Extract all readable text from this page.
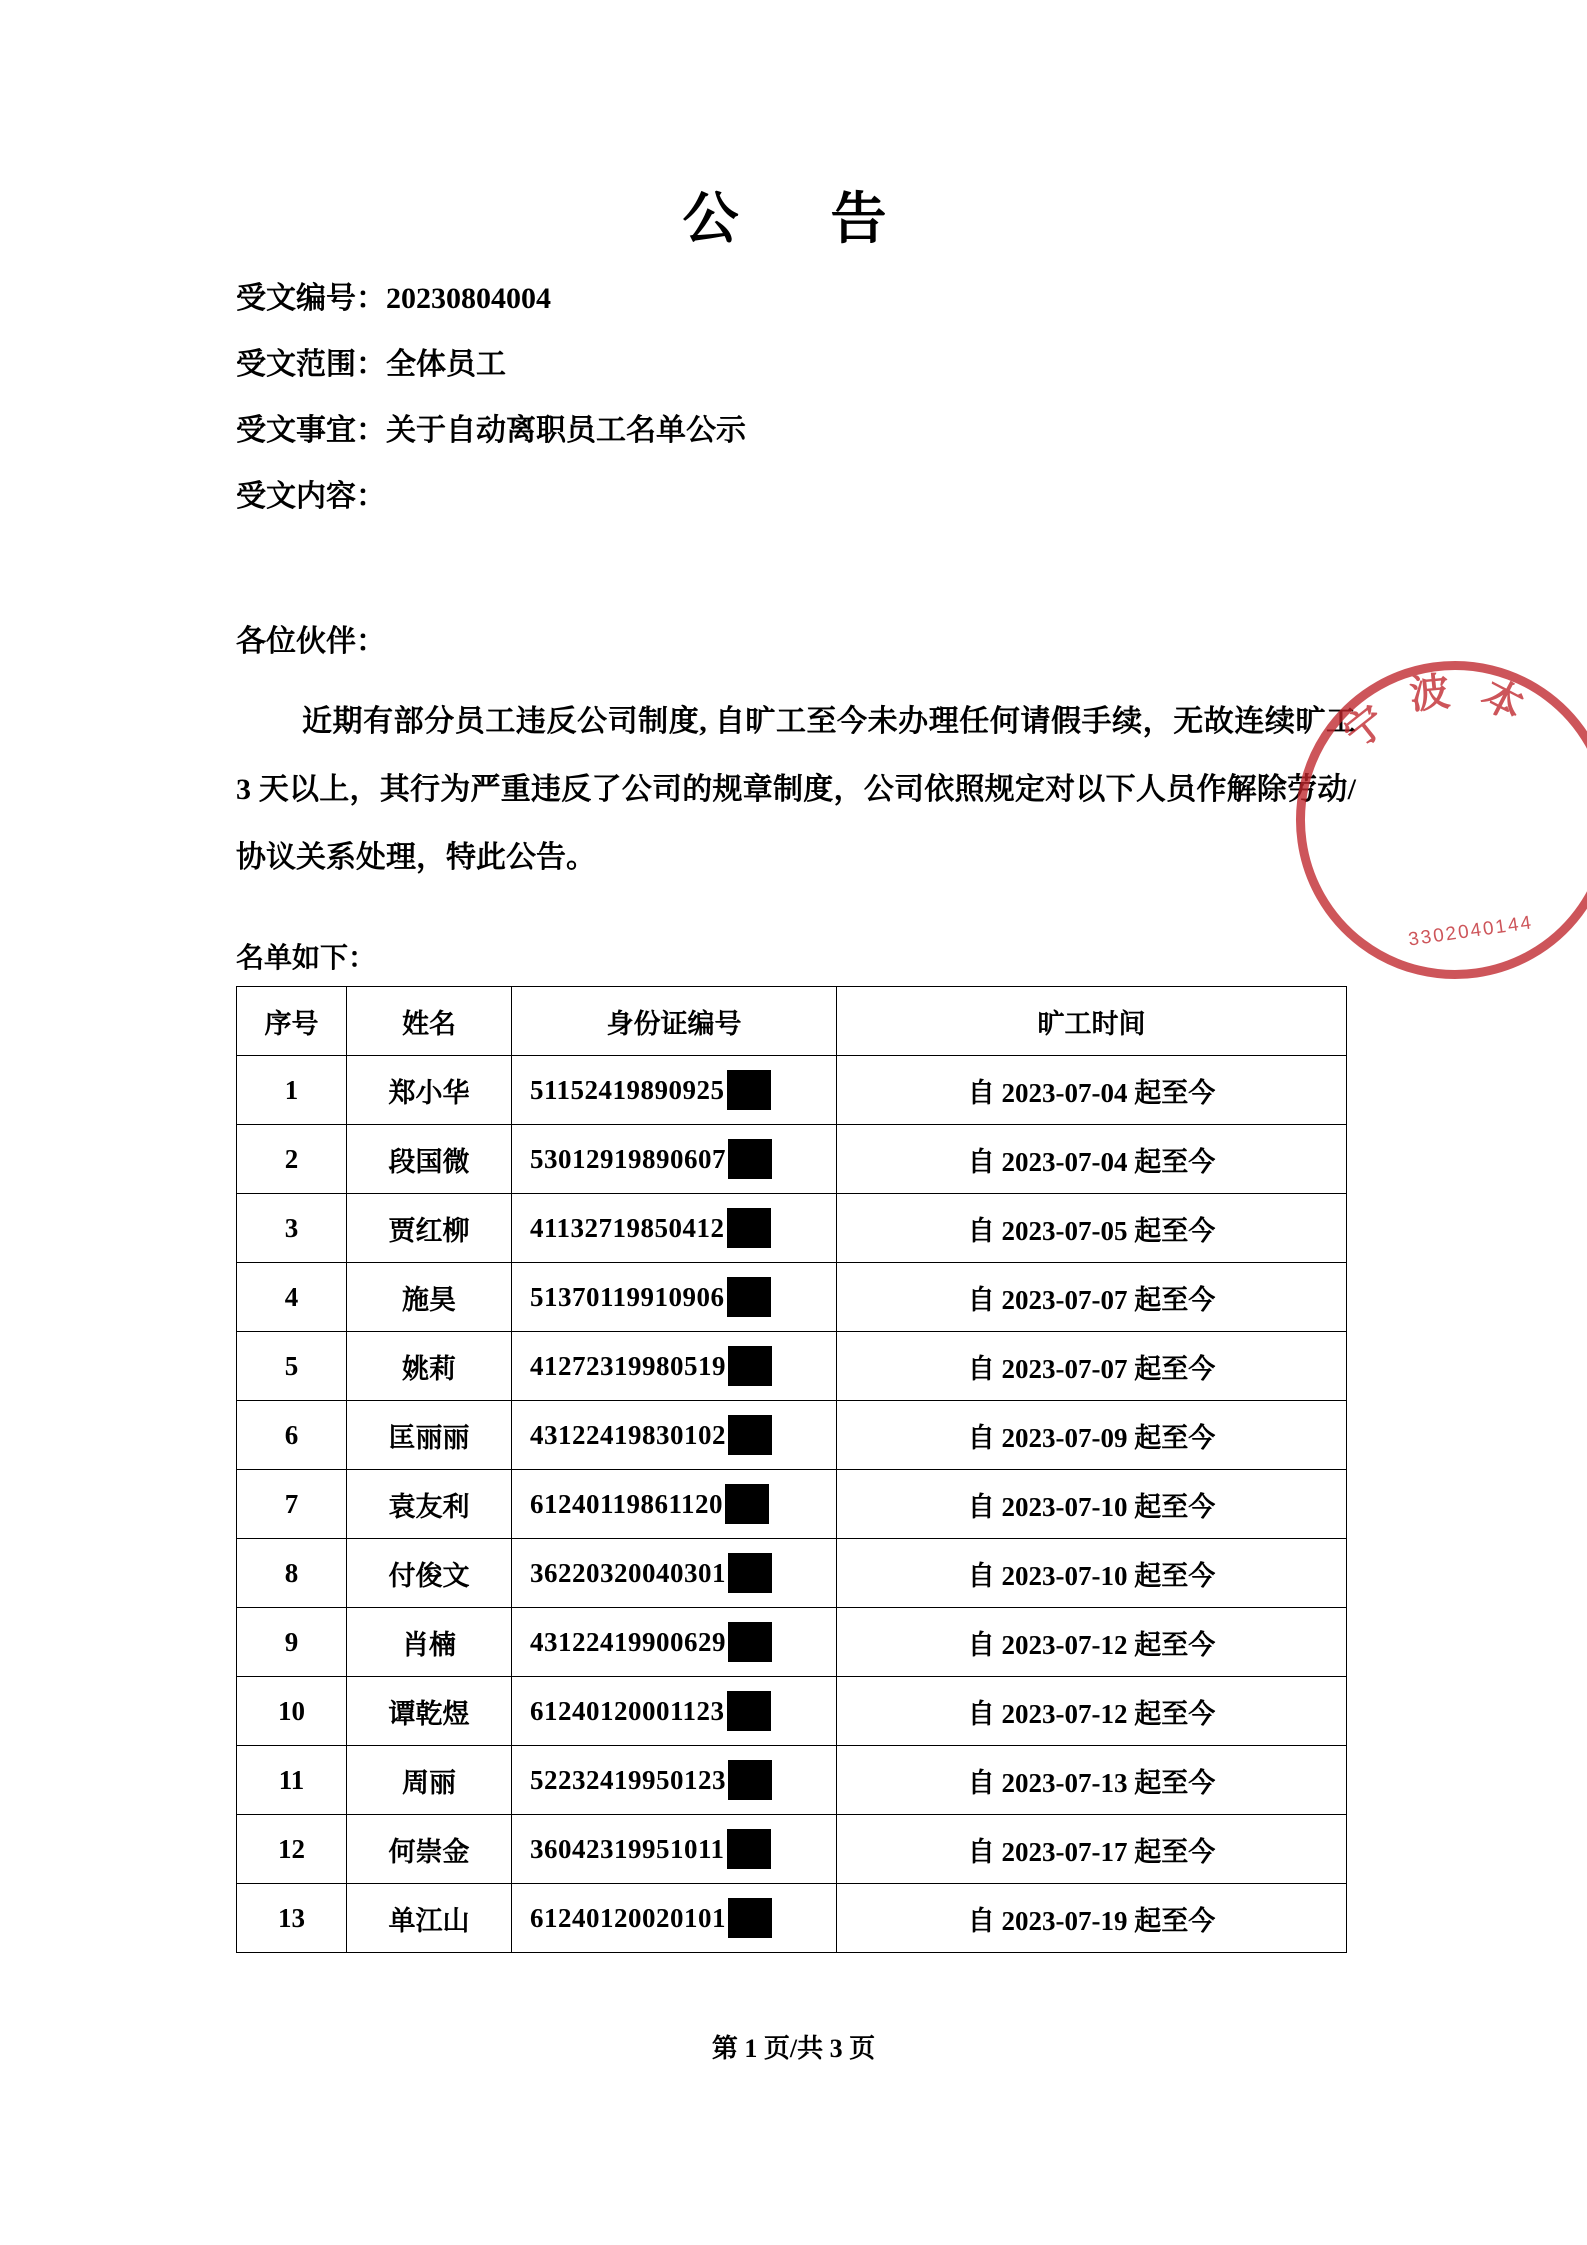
公　告
受文编号：20230804004
受文范围：全体员工
受文事宜：关于自动离职员工名单公示
受文内容：
各位伙伴：
近期有部分员工违反公司制度, 自旷工至今未办理任何请假手续，无故连续旷工 3 天以上，其行为严重违反了公司的规章制度，公司依照规定对以下人员作解除劳动/协议关系处理，特此公告。
名单如下：
序号	姓名	身份证编号	旷工时间
1	郑小华	51152419890925	自 2023-07-04 起至今
2	段国微	53012919890607	自 2023-07-04 起至今
3	贾红柳	41132719850412	自 2023-07-05 起至今
4	施昊	51370119910906	自 2023-07-07 起至今
5	姚莉	41272319980519	自 2023-07-07 起至今
6	匡丽丽	43122419830102	自 2023-07-09 起至今
7	袁友利	61240119861120	自 2023-07-10 起至今
8	付俊文	36220320040301	自 2023-07-10 起至今
9	肖楠	43122419900629	自 2023-07-12 起至今
10	谭乾煜	61240120001123	自 2023-07-12 起至今
11	周丽	52232419950123	自 2023-07-13 起至今
12	何崇金	36042319951011	自 2023-07-17 起至今
13	单江山	61240120020101	自 2023-07-19 起至今
第 1 页/共 3 页
宁波本
3302040144
